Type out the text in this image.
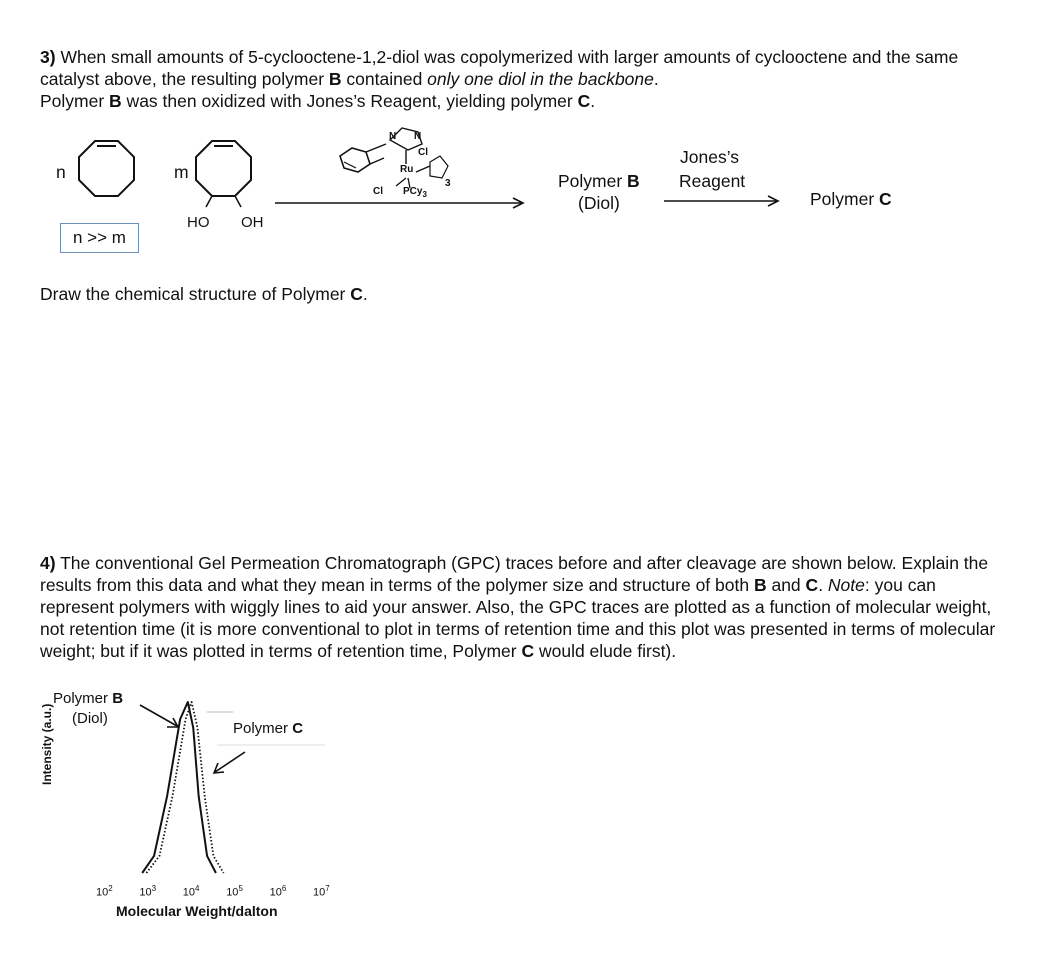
3) When small amounts of 5-cyclooctene-1,2-diol was copolymerized with larger amounts of cyclooctene and the same
catalyst above, the resulting polymer B contained only one diol in the backbone.
Polymer B was then oxidized with Jones’s Reagent, yielding polymer C.
n	m
HO OH
n >> m
N N
Cl
Ru
3
Cl PCy$_3$
Polymer B
(Diol)
Jones’s
Reagent
Polymer C
Draw the chemical structure of Polymer C.
4) The conventional Gel Permeation Chromatograph (GPC) traces before and after cleavage are shown below. Explain the
results from this data and what they mean in terms of the polymer size and structure of both B and C. Note: you can
represent polymers with wiggly lines to aid your answer. Also, the GPC traces are plotted as a function of molecular weight,
not retention time (it is more conventional to plot in terms of retention time and this plot was presented in terms of molecular
weight; but if it was plotted in terms of retention time, Polymer C would elude first).
Polymer B
(Diol)
Polymer C
Intensity (a.u.)
$10^2$ $10^3$ $10^4$ $10^5$ $10^6$ $10^7$
Molecular Weight/dalton
